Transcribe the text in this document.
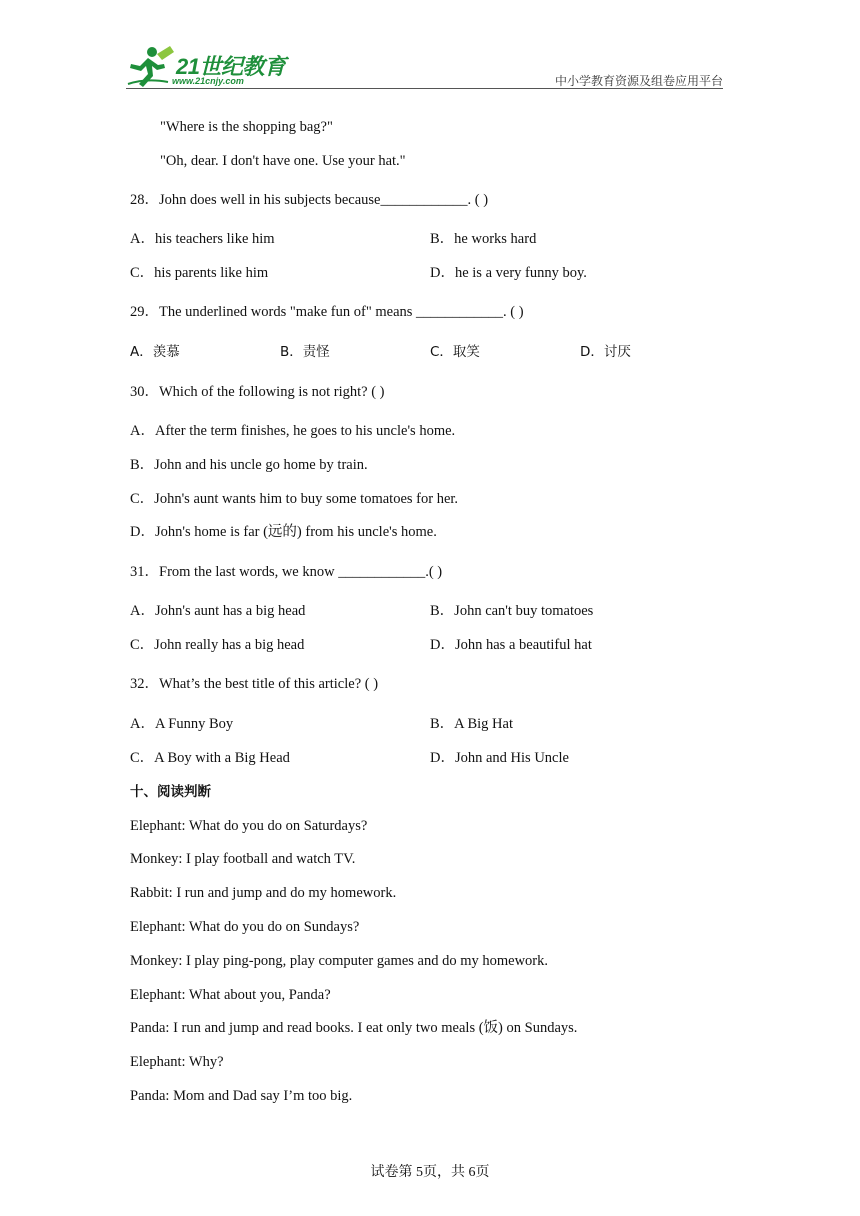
21世纪教育
www.21cnjy.com	中小学教育资源及组卷应用平台
"Where is the shopping bag?"
"Oh, dear. I don't have one. Use your hat."
28．John does well in his subjects because____________. ( )
A．his teachers like him	B．he works hard
C．his parents like him	D．he is a very funny boy.
29．The underlined words "make fun of" means ____________. ( )
A．羡慕	B．责怪	C．取笑	D．讨厌
30．Which of the following is not right? ( )
A．After the term finishes, he goes to his uncle's home.
B．John and his uncle go home by train.
C．John's aunt wants him to buy some tomatoes for her.
D．John's home is far (远的) from his uncle's home.
31．From the last words, we know ____________.( )
A．John's aunt has a big head	B．John can't buy tomatoes
C．John really has a big head	D．John has a beautiful hat
32．What’s the best title of this article? ( )
A．A Funny Boy	B．A Big Hat
C．A Boy with a Big Head	D．John and His Uncle
十、阅读判断
Elephant: What do you do on Saturdays?
Monkey: I play football and watch TV.
Rabbit: I run and jump and do my homework.
Elephant: What do you do on Sundays?
Monkey: I play ping-pong, play computer games and do my homework.
Elephant: What about you, Panda?
Panda: I run and jump and read books. I eat only two meals (饭) on Sundays.
Elephant: Why?
Panda: Mom and Dad say I’m too big.
试卷第 5页，共 6页
